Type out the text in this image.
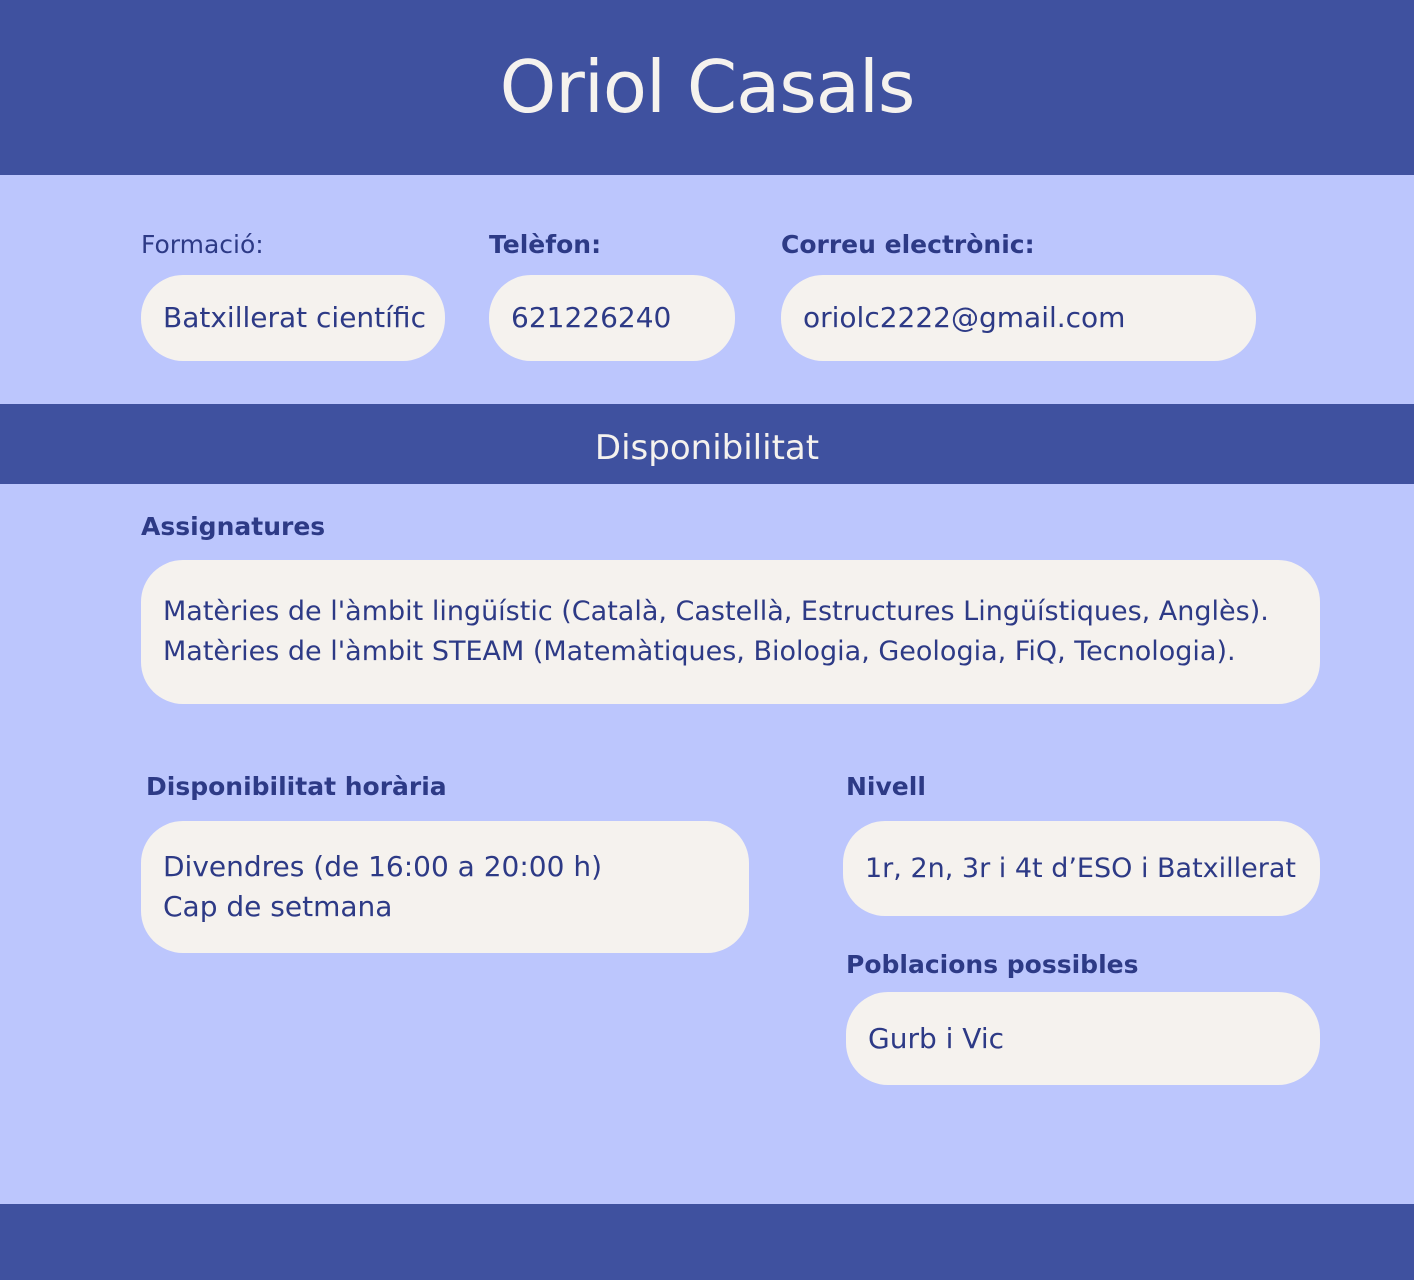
Oriol Casals
Formació:
Batxillerat científic
Telèfon:
621226240
Correu electrònic:
oriolc2222@gmail.com
Disponibilitat
Assignatures
Matèries de l'àmbit lingüístic (Català, Castellà, Estructures Lingüístiques, Anglès).
Matèries de l'àmbit STEAM (Matemàtiques, Biologia, Geologia, FiQ, Tecnologia).
Disponibilitat horària
Divendres (de 16:00 a 20:00 h)
Cap de setmana
Nivell
1r, 2n, 3r i 4t d’ESO i Batxillerat
Poblacions possibles
Gurb i Vic
